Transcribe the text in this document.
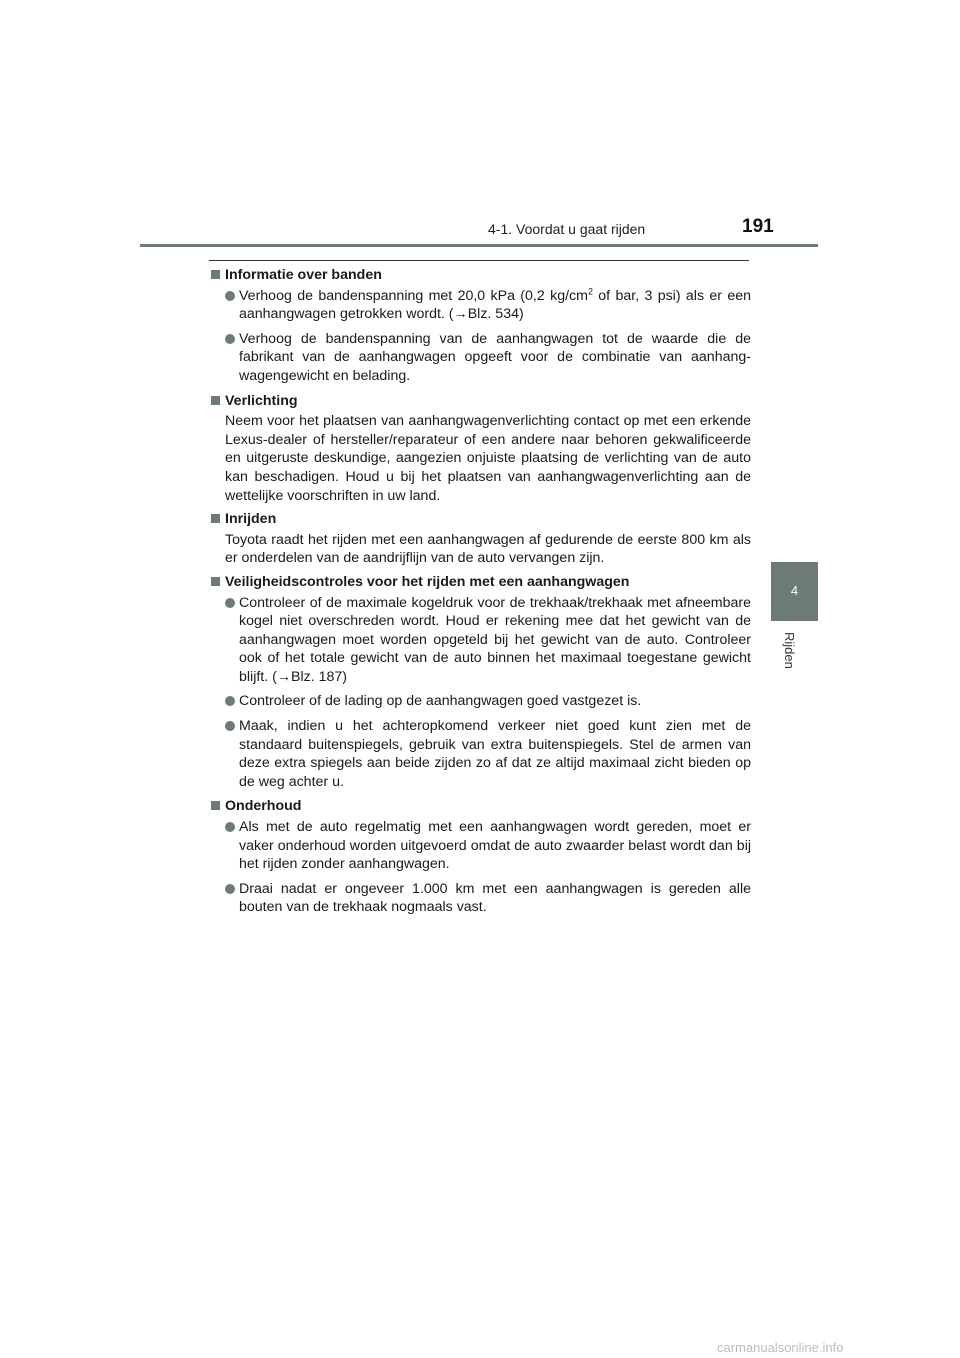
4-1. Voordat u gaat rijden	191
4
Rijden
Informatie over banden
Verhoog de bandenspanning met 20,0 kPa (0,2 $kg/cm^2$ of bar, 3 psi) als er een aanhangwagen getrokken wordt. (→Blz. 534)
Verhoog de bandenspanning van de aanhangwagen tot de waarde die de fabrikant van de aanhangwagen opgeeft voor de combinatie van aanhangwagengewicht en belading.
Verlichting
Neem voor het plaatsen van aanhangwagenverlichting contact op met een erkende Lexus-dealer of hersteller/reparateur of een andere naar behoren gekwalificeerde en uitgeruste deskundige, aangezien onjuiste plaatsing de verlichting van de auto kan beschadigen. Houd u bij het plaatsen van aanhangwagenverlichting aan de wettelijke voorschriften in uw land.
Inrijden
Toyota raadt het rijden met een aanhangwagen af gedurende de eerste 800 km als er onderdelen van de aandrijflijn van de auto vervangen zijn.
Veiligheidscontroles voor het rijden met een aanhangwagen
Controleer of de maximale kogeldruk voor de trekhaak/trekhaak met afneembare kogel niet overschreden wordt. Houd er rekening mee dat het gewicht van de aanhangwagen moet worden opgeteld bij het gewicht van de auto. Controleer ook of het totale gewicht van de auto binnen het maximaal toegestane gewicht blijft. (→Blz. 187)
Controleer of de lading op de aanhangwagen goed vastgezet is.
Maak, indien u het achteropkomend verkeer niet goed kunt zien met de standaard buitenspiegels, gebruik van extra buitenspiegels. Stel de armen van deze extra spiegels aan beide zijden zo af dat ze altijd maximaal zicht bieden op de weg achter u.
Onderhoud
Als met de auto regelmatig met een aanhangwagen wordt gereden, moet er vaker onderhoud worden uitgevoerd omdat de auto zwaarder belast wordt dan bij het rijden zonder aanhangwagen.
Draai nadat er ongeveer 1.000 km met een aanhangwagen is gereden alle bouten van de trekhaak nogmaals vast.
carmanualsonline.info
